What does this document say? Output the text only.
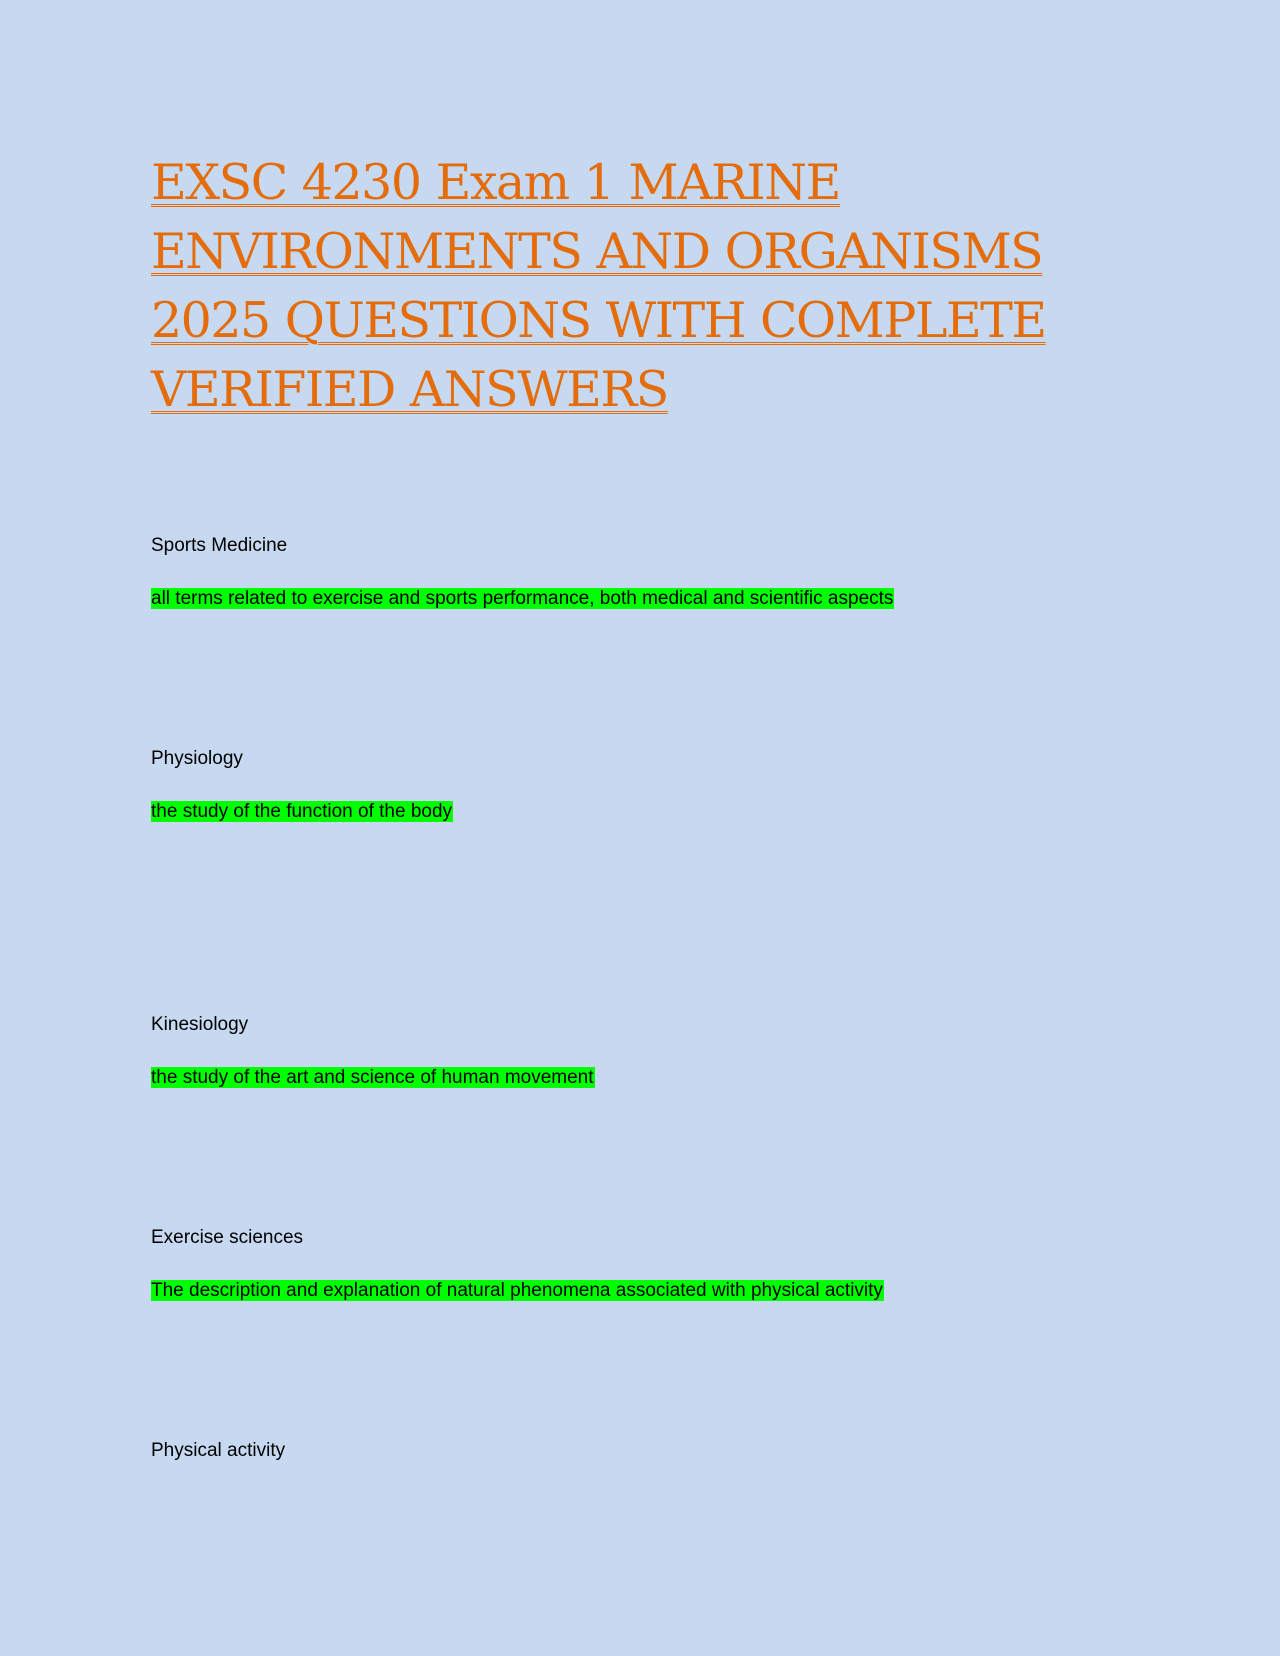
EXSC 4230 Exam 1 MARINE ENVIRONMENTS AND ORGANISMS 2025 QUESTIONS WITH COMPLETE VERIFIED ANSWERS

Sports Medicine

all terms related to exercise and sports performance, both medical and scientific aspects

Physiology

the study of the function of the body

Kinesiology

the study of the art and science of human movement

Exercise sciences

The description and explanation of natural phenomena associated with physical activity

Physical activity
